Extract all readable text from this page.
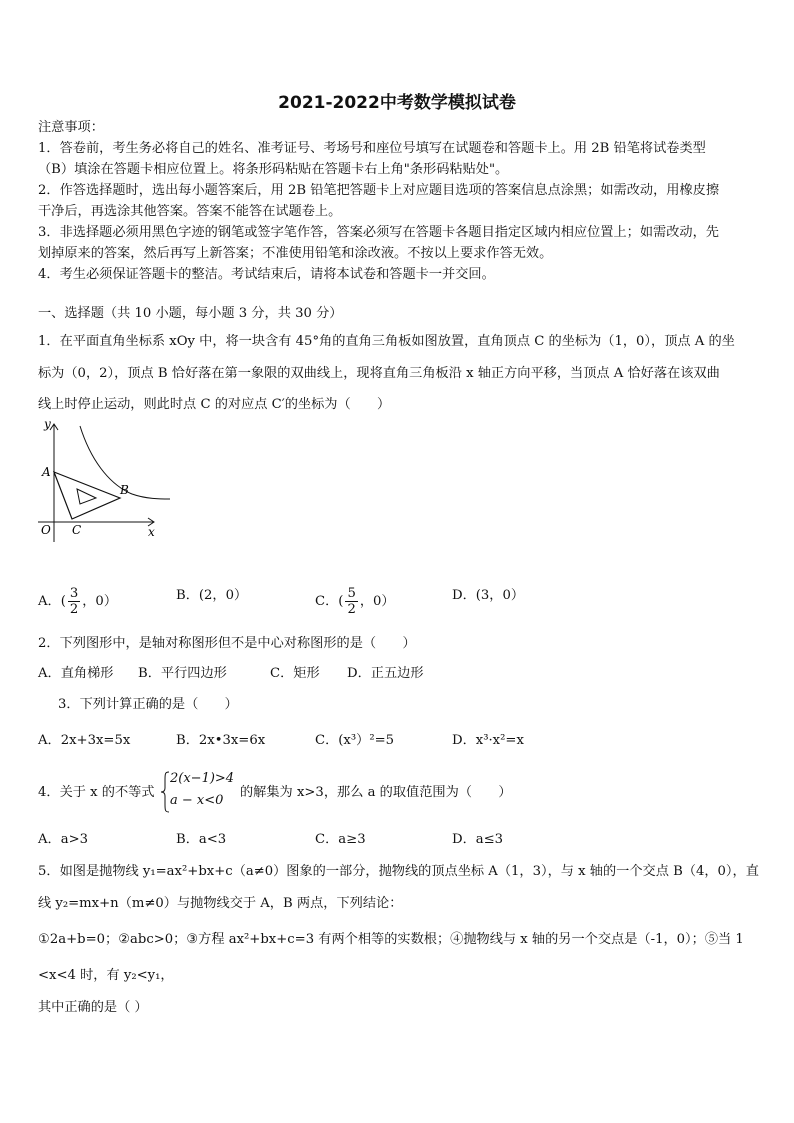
2021-2022中考数学模拟试卷
注意事项：
1．答卷前，考生务必将自己的姓名、准考证号、考场号和座位号填写在试题卷和答题卡上。用 2B 铅笔将试卷类型
（B）填涂在答题卡相应位置上。将条形码粘贴在答题卡右上角"条形码粘贴处"。
2．作答选择题时，选出每小题答案后，用 2B 铅笔把答题卡上对应题目选项的答案信息点涂黑；如需改动，用橡皮擦
干净后，再选涂其他答案。答案不能答在试题卷上。
3．非选择题必须用黑色字迹的钢笔或签字笔作答，答案必须写在答题卡各题目指定区域内相应位置上；如需改动，先
划掉原来的答案，然后再写上新答案；不准使用铅笔和涂改液。不按以上要求作答无效。
4．考生必须保证答题卡的整洁。考试结束后，请将本试卷和答题卡一并交回。
一、选择题（共 10 小题，每小题 3 分，共 30 分）
1．在平面直角坐标系 xOy 中，将一块含有 45°角的直角三角板如图放置，直角顶点 C 的坐标为（1，0），顶点 A 的坐
标为（0，2），顶点 B 恰好落在第一象限的双曲线上，现将直角三角板沿 x 轴正方向平移，当顶点 A 恰好落在该双曲
线上时停止运动，则此时点 C 的对应点 C′的坐标为（　　）
y
x
O
A
B
C
A．( $\frac{3}{2}$ ，0）	B．(2，0）	C．( $\frac{5}{2}$ ，0）	D．(3，0）
2．下列图形中，是轴对称图形但不是中心对称图形的是（　　）
A．直角梯形 B．平行四边形	C．矩形 D．正五边形
3．下列计算正确的是（　　）
A．2x+3x=5x	B．2x•3x=6x	C．(x³）²=5	D．x³·x²=x
4．关于 x 的不等式
2(x−1)>4
a − x<0
的解集为 x>3，那么 a 的取值范围为（　　）
A．a>3	B．a<3	C．a≥3	D．a≤3
5．如图是抛物线 y₁=ax²+bx+c（a≠0）图象的一部分，抛物线的顶点坐标 A（1，3），与 x 轴的一个交点 B（4，0），直
线 y₂=mx+n（m≠0）与抛物线交于 A，B 两点，下列结论：
①2a+b=0；②abc>0；③方程 ax²+bx+c=3 有两个相等的实数根；④抛物线与 x 轴的另一个交点是（-1，0）；⑤当 1
<x<4 时，有 y₂<y₁，
其中正确的是（ ）
